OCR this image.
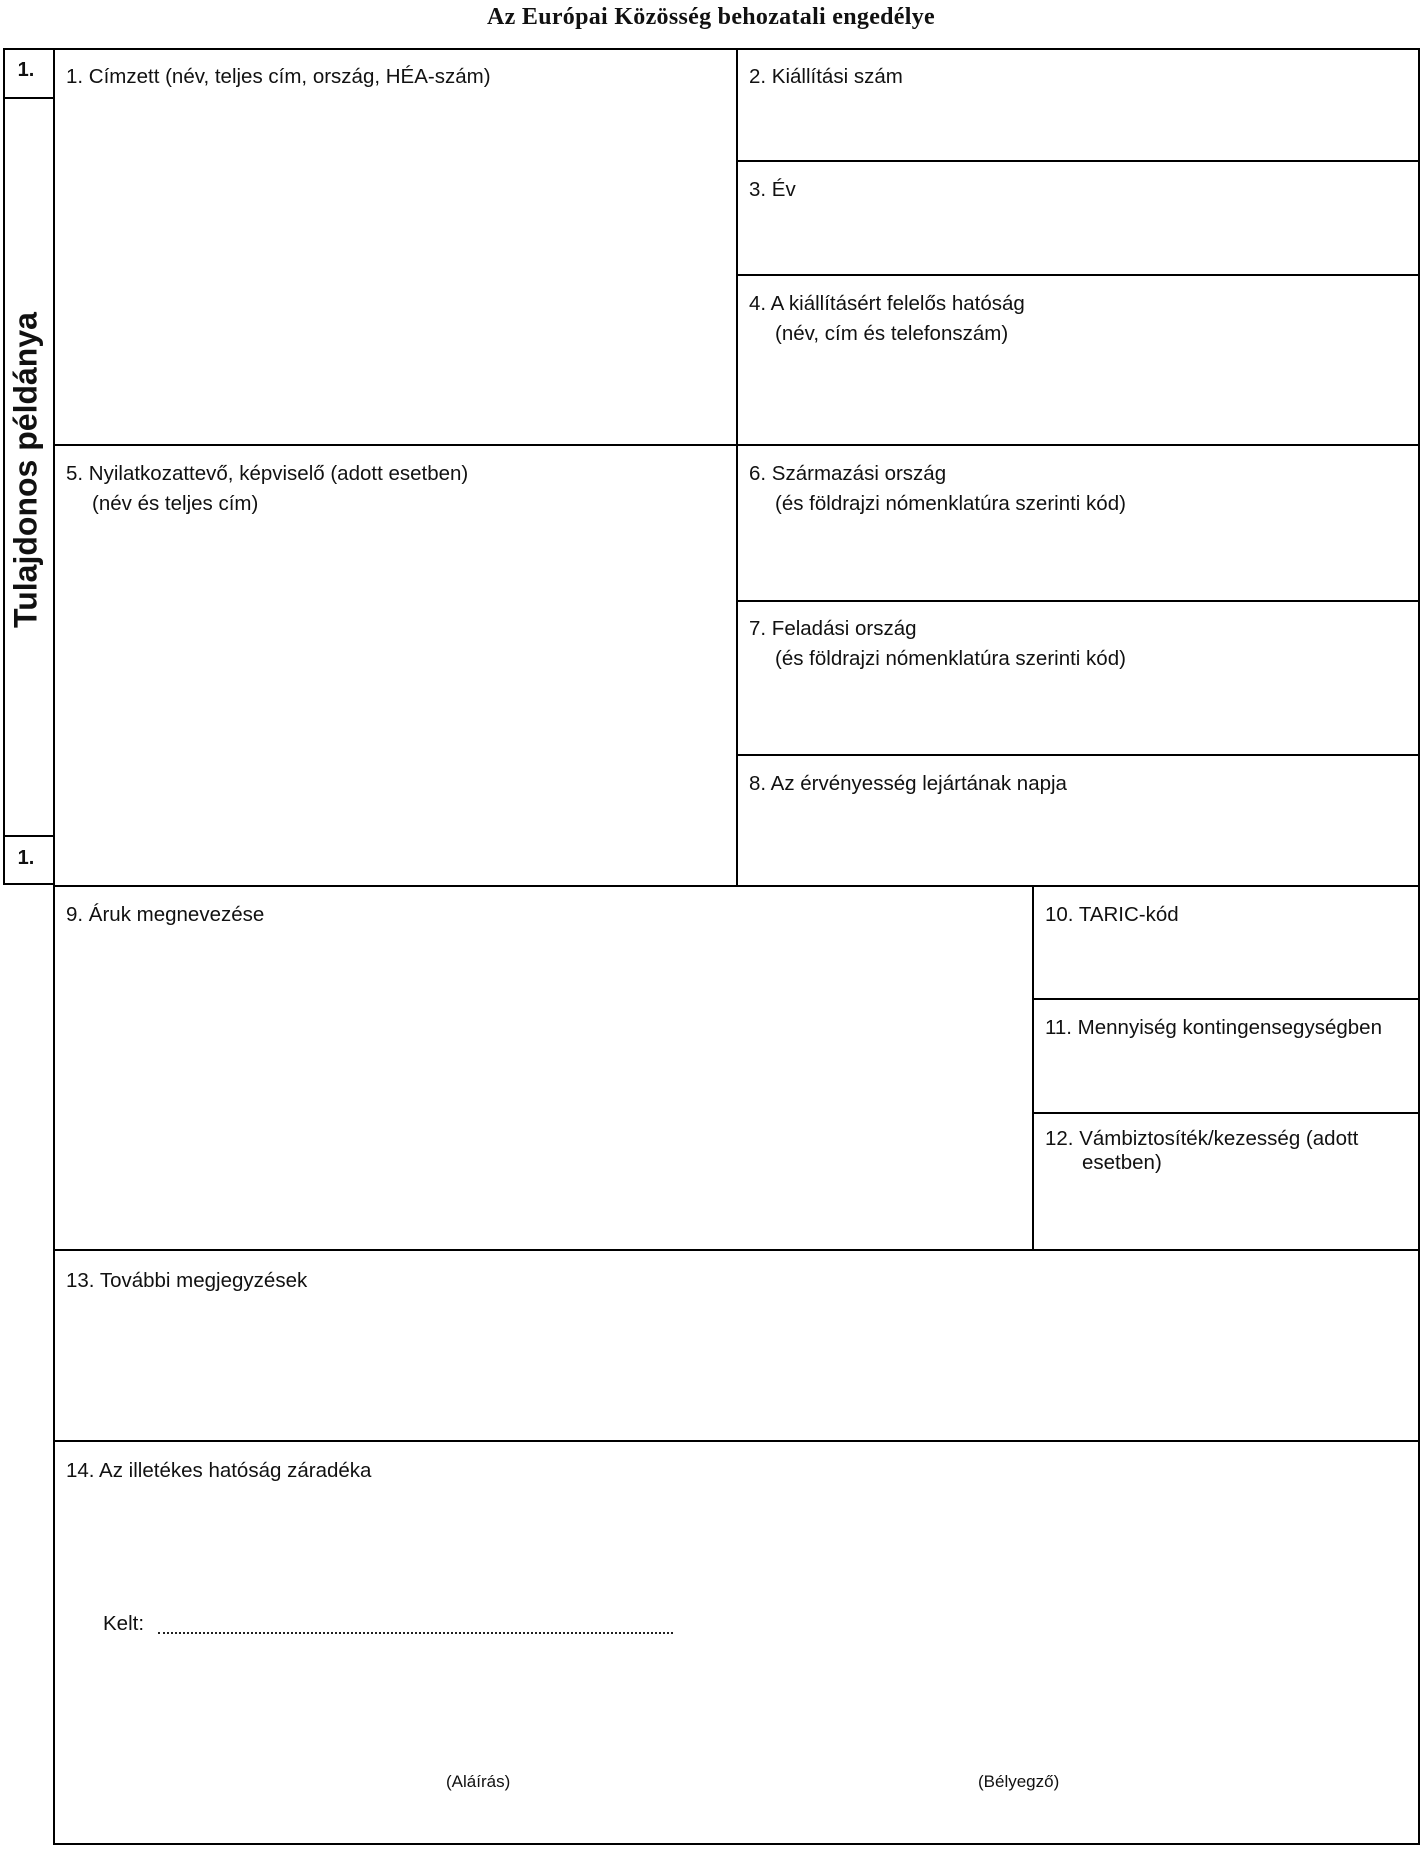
Az Európai Közösség behozatali engedélye
1.
1.
Tulajdonos példánya
1. Címzett (név, teljes cím, ország, HÉA-szám)	2. Kiállítási szám
3. Év
4. A kiállításért felelős hatóság
(név, cím és telefonszám)
5. Nyilatkozattevő, képviselő (adott esetben)
(név és teljes cím)
6. Származási ország
(és földrajzi nómenklatúra szerinti kód)
7. Feladási ország
(és földrajzi nómenklatúra szerinti kód)
8. Az érvényesség lejártának napja
9. Áruk megnevezése	10. TARIC-kód
11. Mennyiség kontingensegységben
12. Vámbiztosíték/kezesség (adott
esetben)
13. További megjegyzések
14. Az illetékes hatóság záradéka
Kelt:
(Aláírás)	(Bélyegző)
